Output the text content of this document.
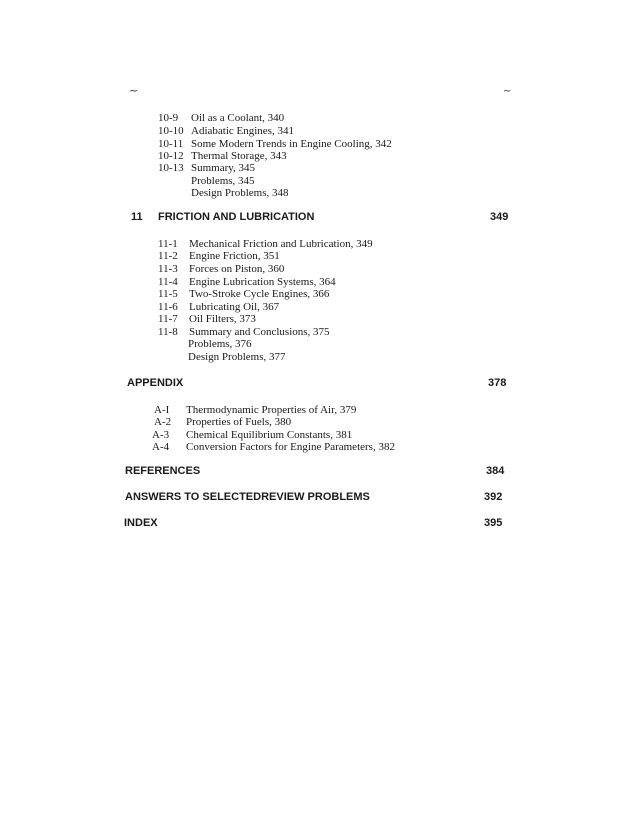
~	~
10-9 Oil as a Coolant, 340
10-10 Adiabatic Engines, 341
10-11 Some Modern Trends in Engine Cooling, 342
10-12 Thermal Storage, 343
10-13 Summary, 345
Problems, 345
Design Problems, 348
11 FRICTION AND LUBRICATION	349
11-1 Mechanical Friction and Lubrication, 349
11-2 Engine Friction, 351
11-3 Forces on Piston, 360
11-4 Engine Lubrication Systems, 364
11-5 Two-Stroke Cycle Engines, 366
11-6 Lubricating Oil, 367
11-7 Oil Filters, 373
11-8 Summary and Conclusions, 375
Problems, 376
Design Problems, 377
APPENDIX	378
A-I Thermodynamic Properties of Air, 379
A-2 Properties of Fuels, 380
A-3 Chemical Equilibrium Constants, 381
A-4 Conversion Factors for Engine Parameters, 382
REFERENCES	384
ANSWERS TO SELECTEDREVIEW PROBLEMS	392
INDEX	395
